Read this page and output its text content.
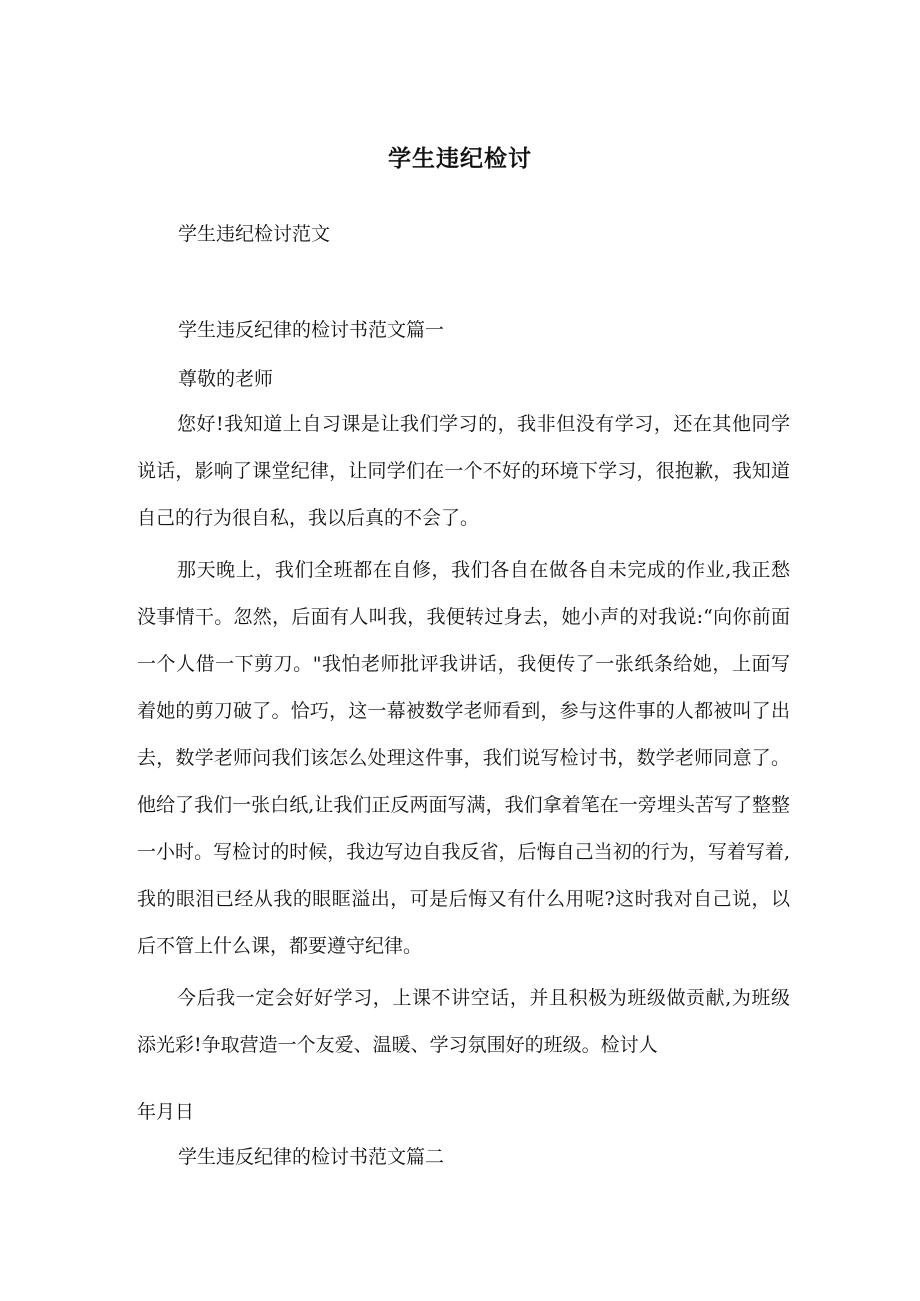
学生违纪检讨
学生违纪检讨范文
学生违反纪律的检讨书范文篇一
尊敬的老师
您好!我知道上自习课是让我们学习的，我非但没有学习，还在其他同学说话，影响了课堂纪律，让同学们在一个不好的环境下学习，很抱歉，我知道自己的行为很自私，我以后真的不会了。
那天晚上，我们全班都在自修，我们各自在做各自未完成的作业,我正愁没事情干。忽然，后面有人叫我，我便转过身去，她小声的对我说:“向你前面一个人借一下剪刀。"我怕老师批评我讲话，我便传了一张纸条给她，上面写着她的剪刀破了。恰巧，这一幕被数学老师看到，参与这件事的人都被叫了出去，数学老师问我们该怎么处理这件事，我们说写检讨书，数学老师同意了。他给了我们一张白纸,让我们正反两面写满，我们拿着笔在一旁埋头苦写了整整一小时。写检讨的时候，我边写边自我反省，后悔自己当初的行为，写着写着,我的眼泪已经从我的眼眶溢出，可是后悔又有什么用呢?这时我对自己说，以后不管上什么课，都要遵守纪律。
今后我一定会好好学习，上课不讲空话，并且积极为班级做贡献,为班级添光彩!争取营造一个友爱、温暖、学习氛围好的班级。检讨人
年月日
学生违反纪律的检讨书范文篇二
